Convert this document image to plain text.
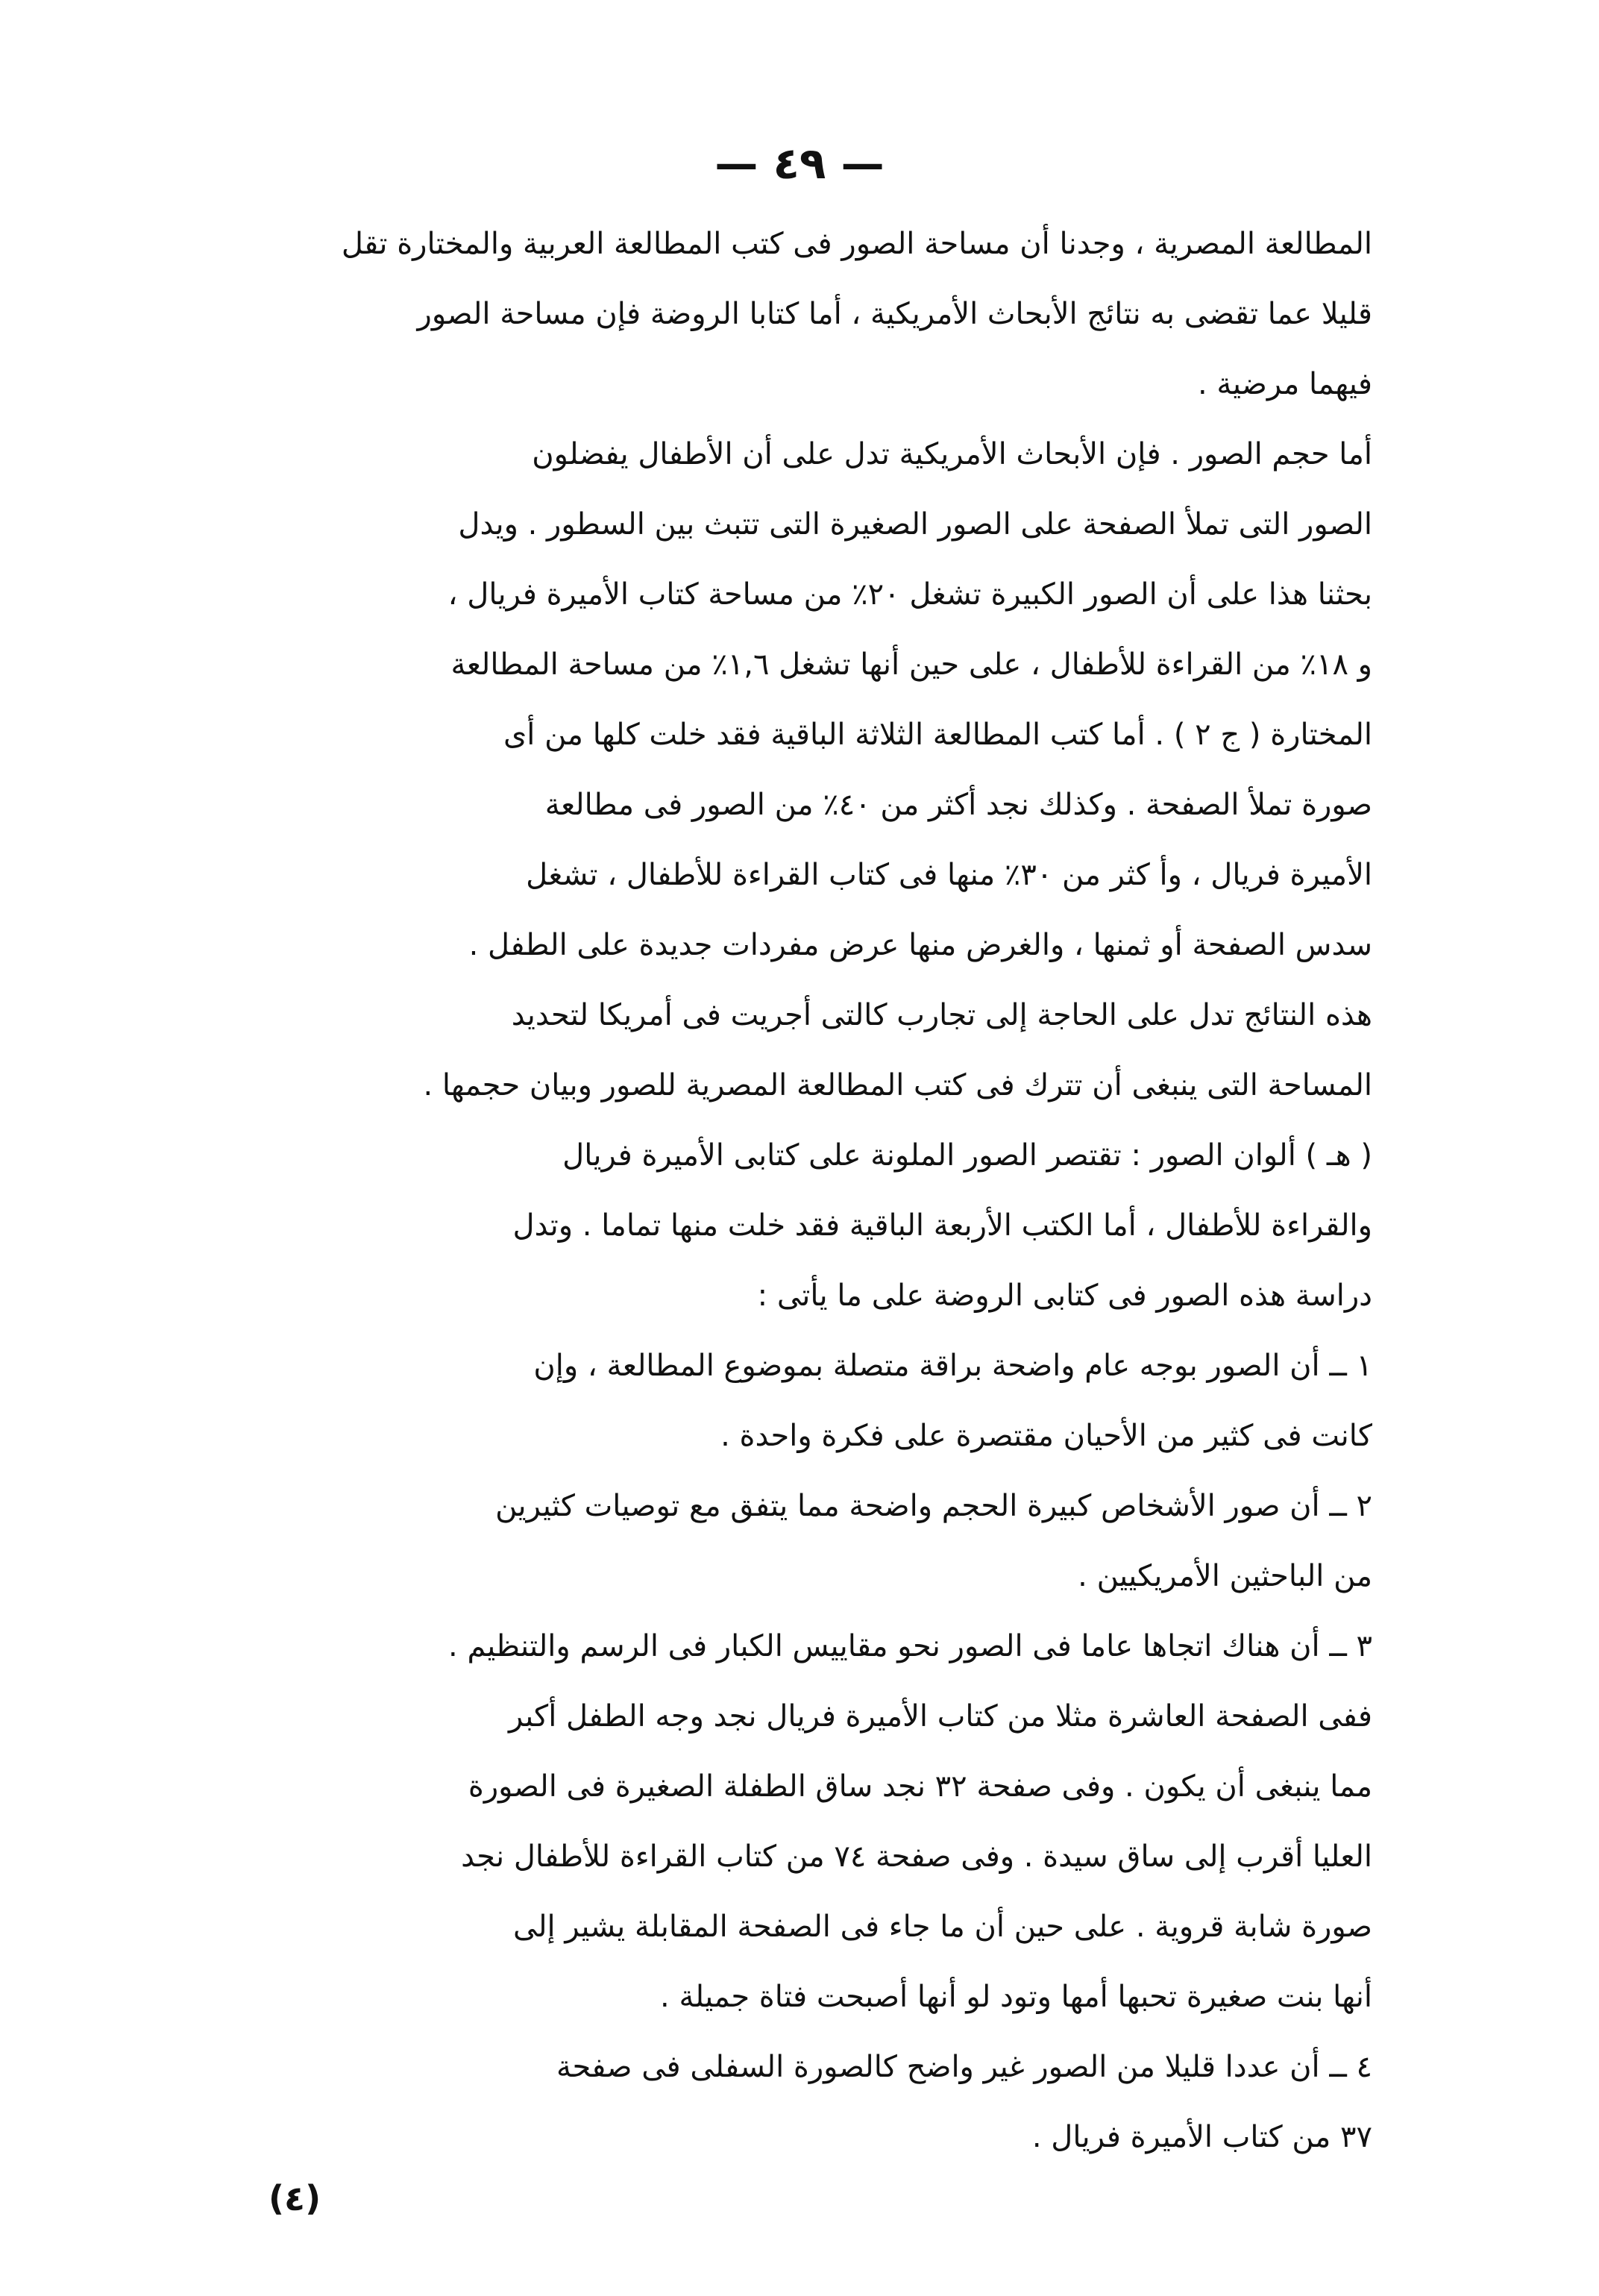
— ٤٩ —
المطالعة المصرية ، وجدنا أن مساحة الصور فى كتب المطالعة العربية والمختارة تقل
قليلا عما تقضى به نتائج الأبحاث الأمريكية ، أما كتابا الروضة فإن مساحة الصور
فيهما مرضية .
أما حجم الصور . فإن الأبحاث الأمريكية تدل على أن الأطفال يفضلون
الصور التى تملأ الصفحة على الصور الصغيرة التى تتبث بين السطور . ويدل
بحثنا هذا على أن الصور الكبيرة تشغل ٢٠٪ من مساحة كتاب الأميرة فريال ،
و ١٨٪ من القراءة للأطفال ، على حين أنها تشغل ١,٦٪ من مساحة المطالعة
المختارة ( ج ٢ ) . أما كتب المطالعة الثلاثة الباقية فقد خلت كلها من أى
صورة تملأ الصفحة . وكذلك نجد أكثر من ٤٠٪ من الصور فى مطالعة
الأميرة فريال ، وأ كثر من ٣٠٪ منها فى كتاب القراءة للأطفال ، تشغل
سدس الصفحة أو ثمنها ، والغرض منها عرض مفردات جديدة على الطفل .
هذه النتائج تدل على الحاجة إلى تجارب كالتى أجريت فى أمريكا لتحديد
المساحة التى ينبغى أن تترك فى كتب المطالعة المصرية للصور وبيان حجمها .
( هـ ) ألوان الصور : تقتصر الصور الملونة على كتابى الأميرة فريال
والقراءة للأطفال ، أما الكتب الأربعة الباقية فقد خلت منها تماما . وتدل
دراسة هذه الصور فى كتابى الروضة على ما يأتى :
١ ــ أن الصور بوجه عام واضحة براقة متصلة بموضوع المطالعة ، وإن
كانت فى كثير من الأحيان مقتصرة على فكرة واحدة .
٢ ــ أن صور الأشخاص كبيرة الحجم واضحة مما يتفق مع توصيات كثيرين
من الباحثين الأمريكيين .
٣ ــ أن هناك اتجاها عاما فى الصور نحو مقاييس الكبار فى الرسم والتنظيم .
ففى الصفحة العاشرة مثلا من كتاب الأميرة فريال نجد وجه الطفل أكبر
مما ينبغى أن يكون . وفى صفحة ٣٢ نجد ساق الطفلة الصغيرة فى الصورة
العليا أقرب إلى ساق سيدة . وفى صفحة ٧٤ من كتاب القراءة للأطفال نجد
صورة شابة قروية . على حين أن ما جاء فى الصفحة المقابلة يشير إلى
أنها بنت صغيرة تحبها أمها وتود لو أنها أصبحت فتاة جميلة .
٤ ــ أن عددا قليلا من الصور غير واضح كالصورة السفلى فى صفحة
٣٧ من كتاب الأميرة فريال .
(٤)
